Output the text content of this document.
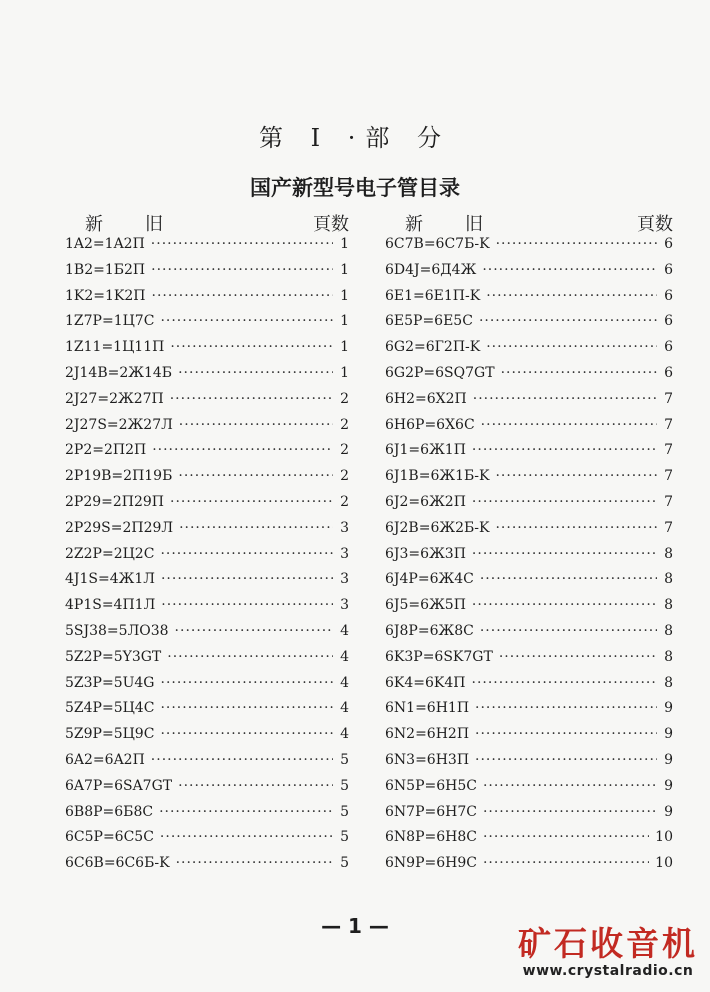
第 I ·部 分
国产新型号电子管目录
新 旧	頁数	新 旧	頁数
1A2=1A2П ·····	1
1B2=1Б2П ·····	1
1K2=1K2П ·····	1
1Z7P=1Ц7С ·····	1
1Z11=1Ц11П ·····	1
2J14B=2Ж14Б ·····	1
2J27=2Ж27П ·····	2
2J27S=2Ж27Л ·····	2
2P2=2П2П ·····	2
2P19B=2П19Б ·····	2
2P29=2П29П ·····	2
2P29S=2П29Л ·····	3
2Z2P=2Ц2С ·····	3
4J1S=4Ж1Л ·····	3
4P1S=4П1Л ·····	3
5SJ38=5ЛО38 ·····	4
5Z2P=5Y3GT ·····	4
5Z3P=5U4G ·····	4
5Z4P=5Ц4С ·····	4
5Z9P=5Ц9С ·····	4
6A2=6A2П ·····	5
6A7P=6SA7GT ·····	5
6B8P=6Б8С ·····	5
6C5P=6C5C ·····	5
6C6B=6C6Б-K ·····	5
6C7B=6C7Б-K ·····	6
6D4J=6Д4Ж ·····	6
6E1=6E1П-K ·····	6
6E5P=6E5C ·····	6
6G2=6Г2П-K ·····	6
6G2P=6SQ7GT ·····	6
6H2=6X2П ·····	7
6H6P=6X6C ·····	7
6J1=6Ж1П ·····	7
6J1B=6Ж1Б-K ·····	7
6J2=6Ж2П ·····	7
6J2B=6Ж2Б-K ·····	7
6J3=6Ж3П ·····	8
6J4P=6Ж4С ·····	8
6J5=6Ж5П ·····	8
6J8P=6Ж8С ·····	8
6K3P=6SK7GT ·····	8
6K4=6K4П ·····	8
6N1=6H1П ·····	9
6N2=6H2П ·····	9
6N3=6H3П ·····	9
6N5P=6H5C ·····	9
6N7P=6H7C ·····	9
6N8P=6H8C ·····	10
6N9P=6H9C ·····	10
— 1 —	矿石收音机
www.crystalradio.cn
